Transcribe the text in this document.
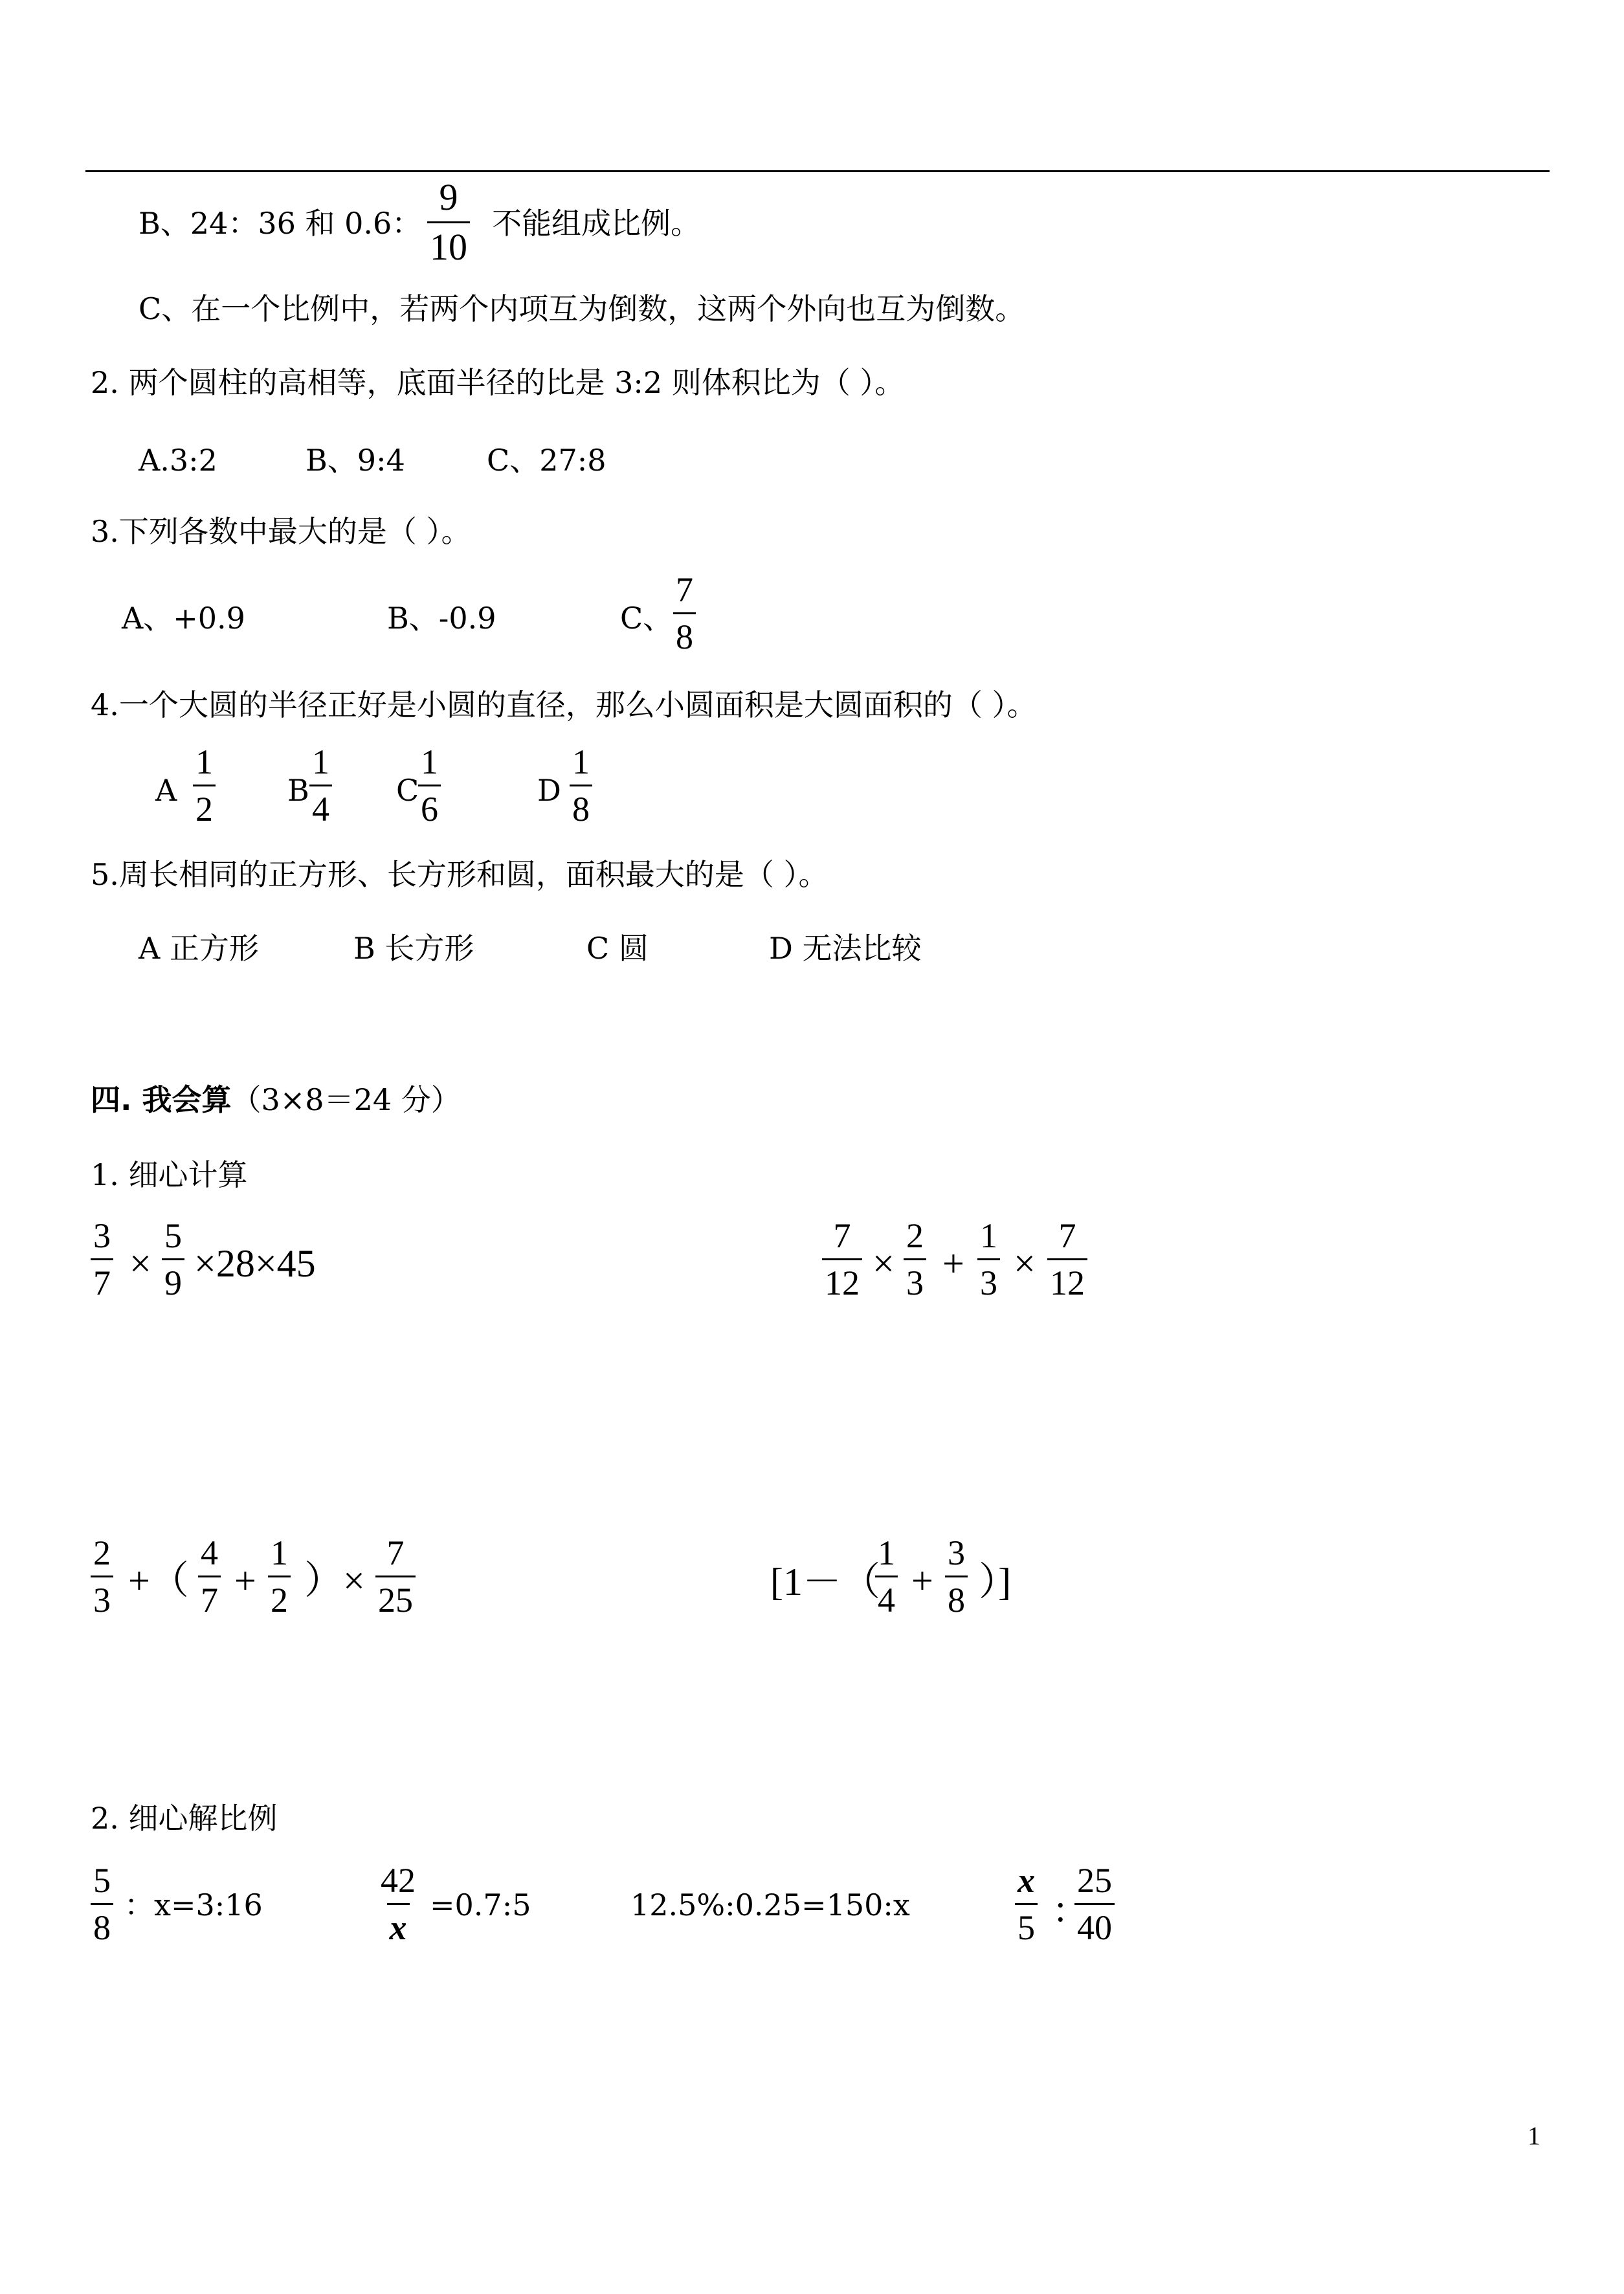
B、24：36 和 0.6： $\frac{9}{10}$ 不能组成比例。
C、在一个比例中，若两个内项互为倒数，这两个外向也互为倒数。
2. 两个圆柱的高相等，底面半径的比是 3:2 则体积比为（ ）。
A.3:2	B、9:4	C、27:8
3.下列各数中最大的是（ ）。
A、+0.9	B、-0.9	C、 $\frac{7}{8}$
4.一个大圆的半径正好是小圆的直径，那么小圆面积是大圆面积的（ ）。
A $\frac{1}{2}$ B $\frac{1}{4}$ C
$\frac{1}{6}$	D $\frac{1}{8}$
5.周长相同的正方形、长方形和圆，面积最大的是（ ）。
A 正方形	B 长方形	C 圆	D 无法比较
四. 我会算（3×8＝24 分）
1. 细心计算
$\frac{3}{7} \times \frac{5}{9} \times 28\times 45$	$\frac{7}{12} \times \frac{2}{3} + \frac{1}{3} \times \frac{7}{12}$
$\frac{2}{3}$ +（ $\frac{4}{7} + \frac{1}{2}$ ）× $\frac{7}{25}$	[1－（
$\frac{1}{4} + \frac{3}{8}$ ）]
2. 细心解比例
$\frac{5}{8}$ ：x=3:16	$\frac{42}{x}$ =0.7:5	12.5%:0.25=150:x	$\frac{x}{5}$ : $\frac{25}{40}$
1
